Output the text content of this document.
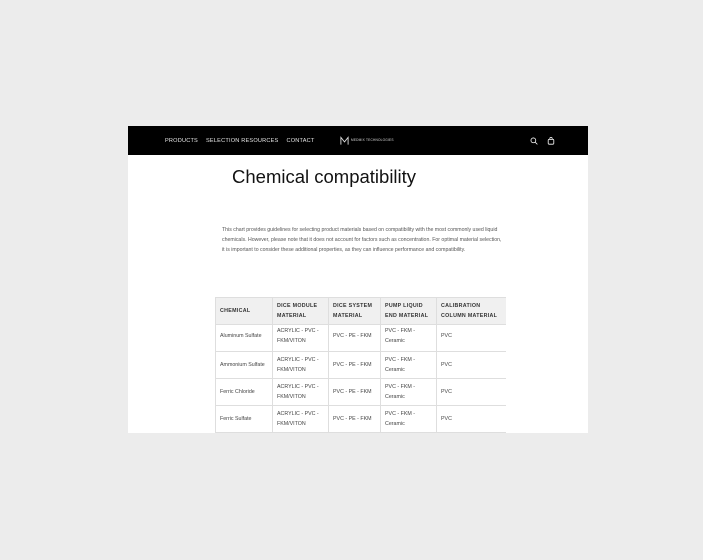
PRODUCTS SELECTION RESOURCES CONTACT	MEDMIX TECHNOLOGIES
Chemical compatibility

This chart provides guidelines for selecting product materials based on compatibility with the most commonly used liquid chemicals. However, please note that it does not account for factors such as concentration. For optimal material selection, it is important to consider these additional properties, as they can influence performance and compatibility.

CHEMICAL	DICE MODULE MATERIAL	DICE SYSTEM MATERIAL	PUMP LIQUID END MATERIAL	CALIBRATION COLUMN MATERIAL

Aluminum Sulfate	ACRYLIC - PVC - FKM/VITON	PVC - PE - FKM	PVC - FKM - Ceramic	PVC

Ammonium Sulfate	ACRYLIC - PVC - FKM/VITON	PVC - PE - FKM	PVC - FKM - Ceramic	PVC

Ferric Chloride	ACRYLIC - PVC - FKM/VITON	PVC - PE - FKM	PVC - FKM - Ceramic	PVC

Ferric Sulfate	ACRYLIC - PVC - FKM/VITON	PVC - PE - FKM	PVC - FKM - Ceramic	PVC
